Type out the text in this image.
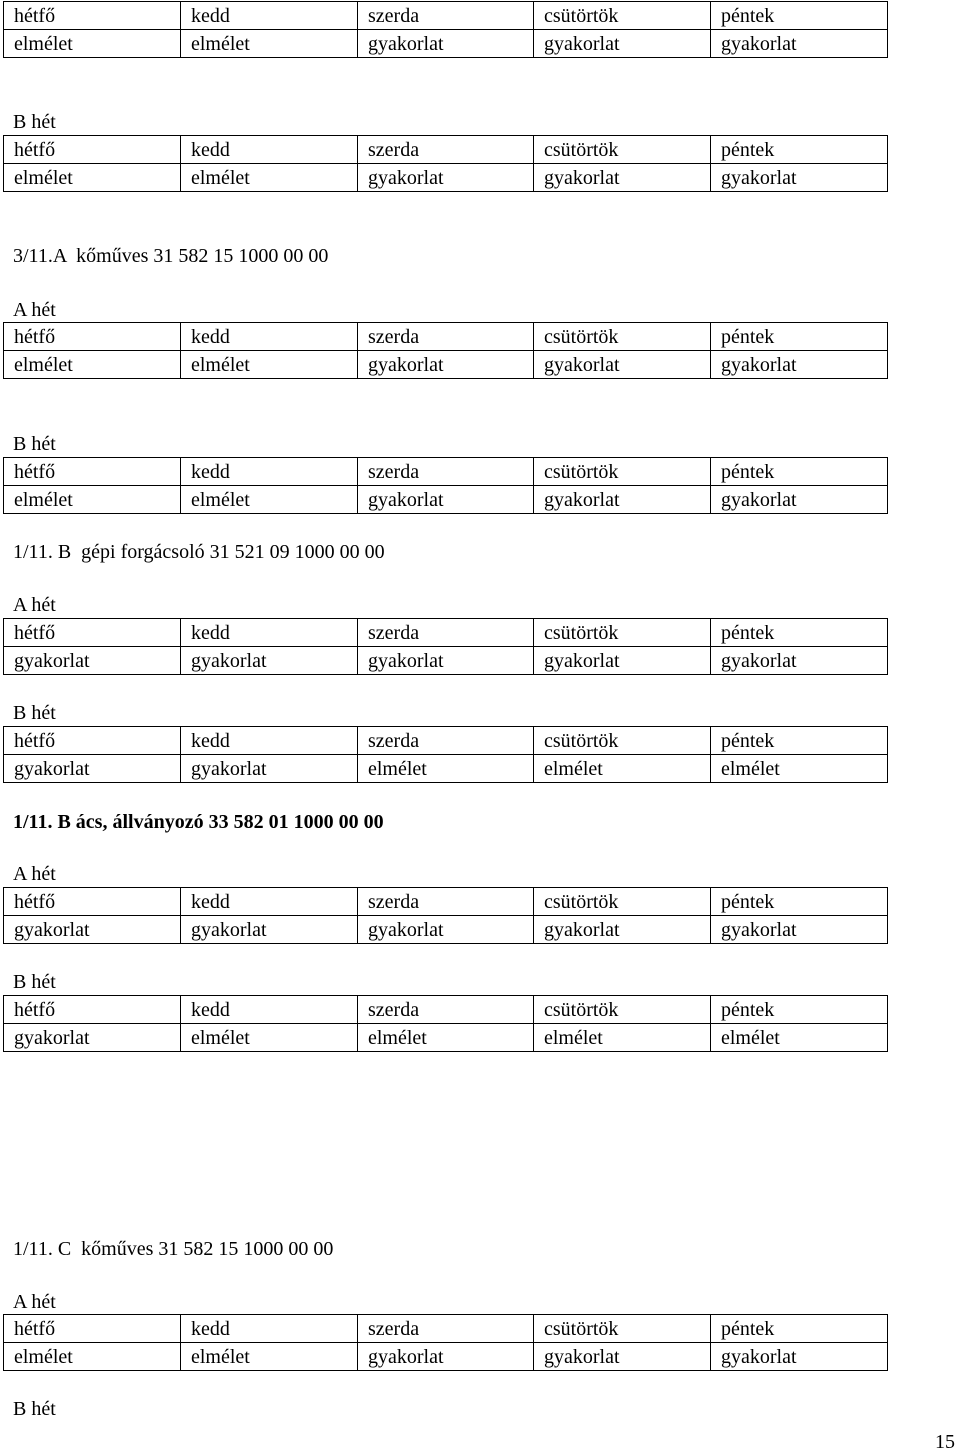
hétfő	kedd	szerda	csütörtök	péntek
elmélet	elmélet	gyakorlat	gyakorlat	gyakorlat
B hét
hétfő	kedd	szerda	csütörtök	péntek
elmélet	elmélet	gyakorlat	gyakorlat	gyakorlat
3/11.A  kőműves 31 582 15 1000 00 00
A hét
hétfő	kedd	szerda	csütörtök	péntek
elmélet	elmélet	gyakorlat	gyakorlat	gyakorlat
B hét
hétfő	kedd	szerda	csütörtök	péntek
elmélet	elmélet	gyakorlat	gyakorlat	gyakorlat
1/11. B  gépi forgácsoló 31 521 09 1000 00 00
A hét
hétfő	kedd	szerda	csütörtök	péntek
gyakorlat	gyakorlat	gyakorlat	gyakorlat	gyakorlat
B hét
hétfő	kedd	szerda	csütörtök	péntek
gyakorlat	gyakorlat	elmélet	elmélet	elmélet
1/11. B ács, állványozó 33 582 01 1000 00 00
A hét
hétfő	kedd	szerda	csütörtök	péntek
gyakorlat	gyakorlat	gyakorlat	gyakorlat	gyakorlat
B hét
hétfő	kedd	szerda	csütörtök	péntek
gyakorlat	elmélet	elmélet	elmélet	elmélet
1/11. C  kőműves 31 582 15 1000 00 00
A hét
hétfő	kedd	szerda	csütörtök	péntek
elmélet	elmélet	gyakorlat	gyakorlat	gyakorlat
B hét
15
